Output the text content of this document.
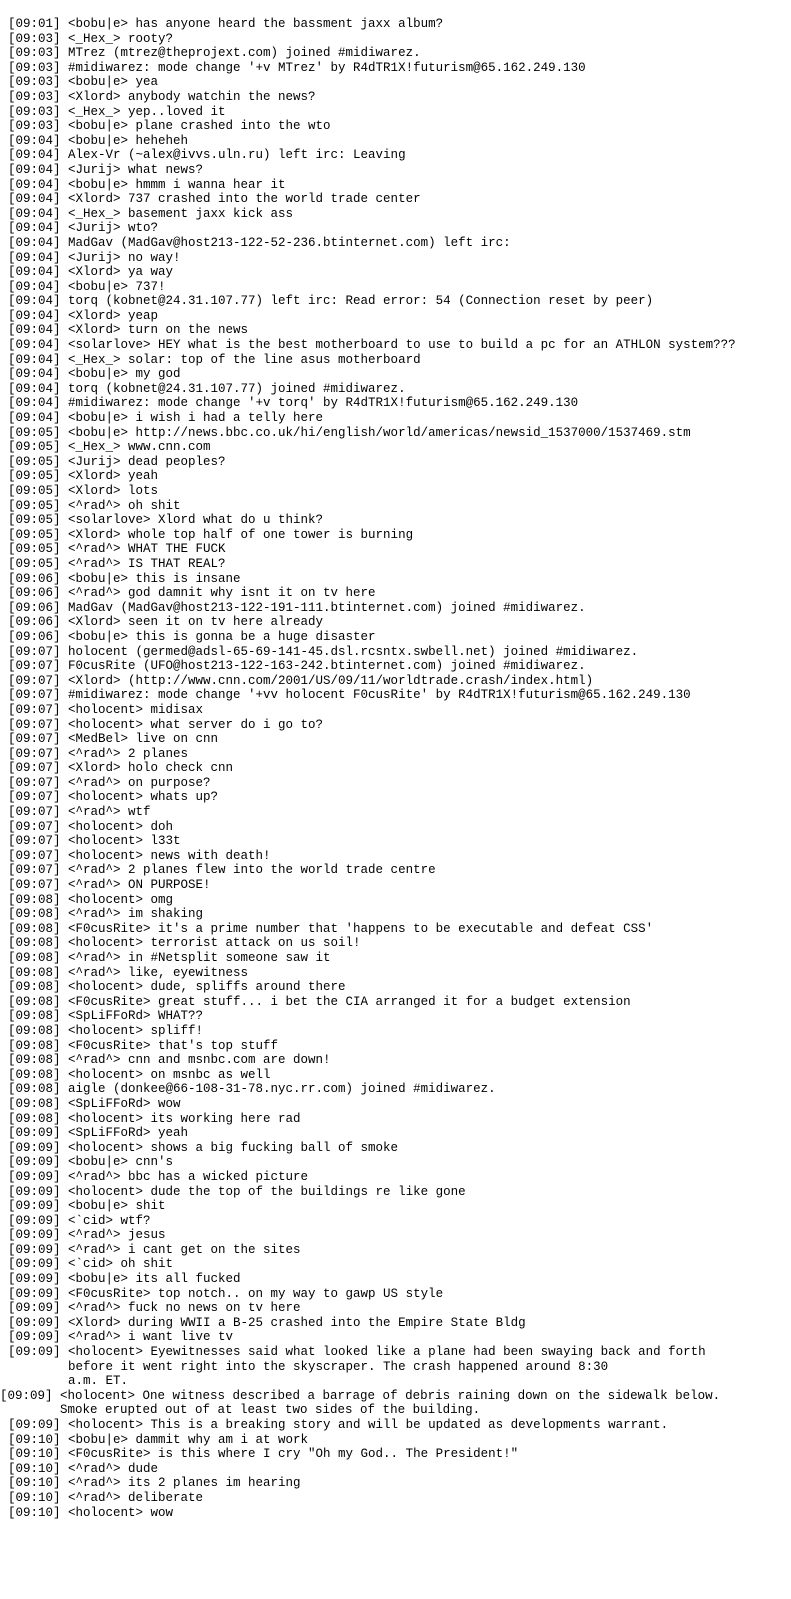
[09:01] <bobu|e> has anyone heard the bassment jaxx album?
[09:03] <_Hex_> rooty?
[09:03] MTrez (mtrez@theprojext.com) joined #midiwarez.
[09:03] #midiwarez: mode change '+v MTrez' by R4dTR1X!futurism@65.162.249.130
[09:03] <bobu|e> yea
[09:03] <Xlord> anybody watchin the news?
[09:03] <_Hex_> yep..loved it
[09:03] <bobu|e> plane crashed into the wto
[09:04] <bobu|e> heheheh
[09:04] Alex-Vr (~alex@ivvs.uln.ru) left irc: Leaving
[09:04] <Jurij> what news?
[09:04] <bobu|e> hmmm i wanna hear it
[09:04] <Xlord> 737 crashed into the world trade center
[09:04] <_Hex_> basement jaxx kick ass
[09:04] <Jurij> wto?
[09:04] MadGav (MadGav@host213-122-52-236.btinternet.com) left irc:
[09:04] <Jurij> no way!
[09:04] <Xlord> ya way
[09:04] <bobu|e> 737!
[09:04] torq (kobnet@24.31.107.77) left irc: Read error: 54 (Connection reset by peer)
[09:04] <Xlord> yeap
[09:04] <Xlord> turn on the news
[09:04] <solarlove> HEY what is the best motherboard to use to build a pc for an ATHLON system???
[09:04] <_Hex_> solar: top of the line asus motherboard
[09:04] <bobu|e> my god
[09:04] torq (kobnet@24.31.107.77) joined #midiwarez.
[09:04] #midiwarez: mode change '+v torq' by R4dTR1X!futurism@65.162.249.130
[09:04] <bobu|e> i wish i had a telly here
[09:05] <bobu|e> http://news.bbc.co.uk/hi/english/world/americas/newsid_1537000/1537469.stm
[09:05] <_Hex_> www.cnn.com
[09:05] <Jurij> dead peoples?
[09:05] <Xlord> yeah
[09:05] <Xlord> lots
[09:05] <^rad^> oh shit
[09:05] <solarlove> Xlord what do u think?
[09:05] <Xlord> whole top half of one tower is burning
[09:05] <^rad^> WHAT THE FUCK
[09:05] <^rad^> IS THAT REAL?
[09:06] <bobu|e> this is insane
[09:06] <^rad^> god damnit why isnt it on tv here
[09:06] MadGav (MadGav@host213-122-191-111.btinternet.com) joined #midiwarez.
[09:06] <Xlord> seen it on tv here already
[09:06] <bobu|e> this is gonna be a huge disaster
[09:07] holocent (germed@adsl-65-69-141-45.dsl.rcsntx.swbell.net) joined #midiwarez.
[09:07] F0cusRite (UFO@host213-122-163-242.btinternet.com) joined #midiwarez.
[09:07] <Xlord> (http://www.cnn.com/2001/US/09/11/worldtrade.crash/index.html)
[09:07] #midiwarez: mode change '+vv holocent F0cusRite' by R4dTR1X!futurism@65.162.249.130
[09:07] <holocent> midisax
[09:07] <holocent> what server do i go to?
[09:07] <MedBel> live on cnn
[09:07] <^rad^> 2 planes
[09:07] <Xlord> holo check cnn
[09:07] <^rad^> on purpose?
[09:07] <holocent> whats up?
[09:07] <^rad^> wtf
[09:07] <holocent> doh
[09:07] <holocent> l33t
[09:07] <holocent> news with death!
[09:07] <^rad^> 2 planes flew into the world trade centre
[09:07] <^rad^> ON PURPOSE!
[09:08] <holocent> omg
[09:08] <^rad^> im shaking
[09:08] <F0cusRite> it's a prime number that 'happens to be executable and defeat CSS'
[09:08] <holocent> terrorist attack on us soil!
[09:08] <^rad^> in #Netsplit someone saw it
[09:08] <^rad^> like, eyewitness
[09:08] <holocent> dude, spliffs around there
[09:08] <F0cusRite> great stuff... i bet the CIA arranged it for a budget extension
[09:08] <SpLiFFoRd> WHAT??
[09:08] <holocent> spliff!
[09:08] <F0cusRite> that's top stuff
[09:08] <^rad^> cnn and msnbc.com are down!
[09:08] <holocent> on msnbc as well
[09:08] aigle (donkee@66-108-31-78.nyc.rr.com) joined #midiwarez.
[09:08] <SpLiFFoRd> wow
[09:08] <holocent> its working here rad
[09:09] <SpLiFFoRd> yeah
[09:09] <holocent> shows a big fucking ball of smoke
[09:09] <bobu|e> cnn's
[09:09] <^rad^> bbc has a wicked picture
[09:09] <holocent> dude the top of the buildings re like gone
[09:09] <bobu|e> shit
[09:09] <`cid> wtf?
[09:09] <^rad^> jesus
[09:09] <^rad^> i cant get on the sites
[09:09] <`cid> oh shit
[09:09] <bobu|e> its all fucked
[09:09] <F0cusRite> top notch.. on my way to gawp US style
[09:09] <^rad^> fuck no news on tv here
[09:09] <Xlord> during WWII a B-25 crashed into the Empire State Bldg
[09:09] <^rad^> i want live tv
[09:09] <holocent> Eyewitnesses said what looked like a plane had been swaying back and forth
before it went right into the skyscraper. The crash happened around 8:30
a.m. ET.
[09:09] <holocent> One witness described a barrage of debris raining down on the sidewalk below.
Smoke erupted out of at least two sides of the building.
[09:09] <holocent> This is a breaking story and will be updated as developments warrant.
[09:10] <bobu|e> dammit why am i at work
[09:10] <F0cusRite> is this where I cry "Oh my God.. The President!"
[09:10] <^rad^> dude
[09:10] <^rad^> its 2 planes im hearing
[09:10] <^rad^> deliberate
[09:10] <holocent> wow
